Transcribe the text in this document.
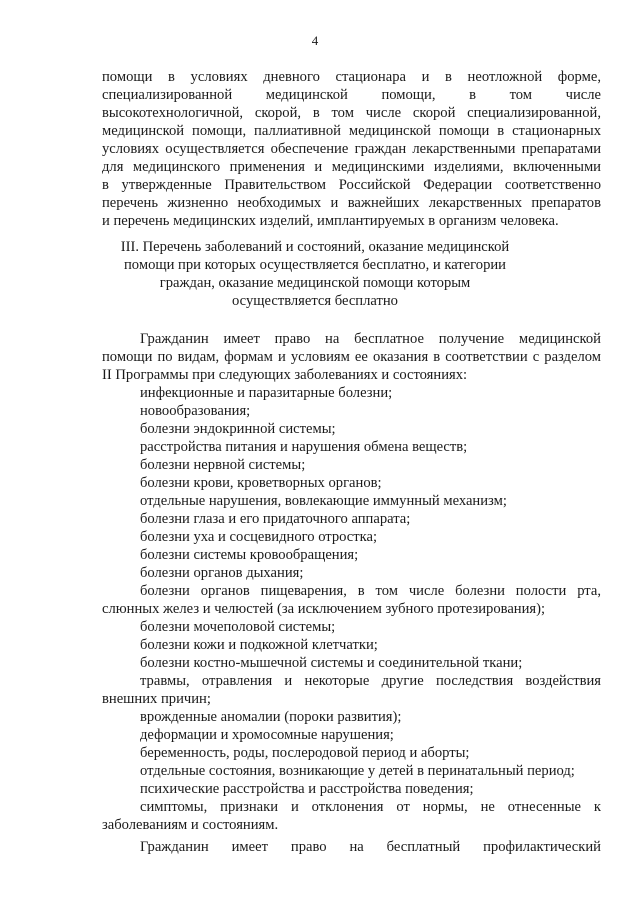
4
помощи в условиях дневного стационара и в неотложной форме,
специализированной медицинской помощи, в том числе
высокотехнологичной, скорой, в том числе скорой специализированной,
медицинской помощи, паллиативной медицинской помощи в стационарных
условиях осуществляется обеспечение граждан лекарственными препаратами
для медицинского применения и медицинскими изделиями, включенными
в утвержденные Правительством Российской Федерации соответственно
перечень жизненно необходимых и важнейших лекарственных препаратов
и перечень медицинских изделий, имплантируемых в организм человека.
III. Перечень заболеваний и состояний, оказание медицинской
помощи при которых осуществляется бесплатно, и категории
граждан, оказание медицинской помощи которым
осуществляется бесплатно
Гражданин имеет право на бесплатное получение медицинской
помощи по видам, формам и условиям ее оказания в соответствии с разделом
II Программы при следующих заболеваниях и состояниях:
инфекционные и паразитарные болезни;
новообразования;
болезни эндокринной системы;
расстройства питания и нарушения обмена веществ;
болезни нервной системы;
болезни крови, кроветворных органов;
отдельные нарушения, вовлекающие иммунный механизм;
болезни глаза и его придаточного аппарата;
болезни уха и сосцевидного отростка;
болезни системы кровообращения;
болезни органов дыхания;
болезни органов пищеварения, в том числе болезни полости рта,
слюнных желез и челюстей (за исключением зубного протезирования);
болезни мочеполовой системы;
болезни кожи и подкожной клетчатки;
болезни костно-мышечной системы и соединительной ткани;
травмы, отравления и некоторые другие последствия воздействия
внешних причин;
врожденные аномалии (пороки развития);
деформации и хромосомные нарушения;
беременность, роды, послеродовой период и аборты;
отдельные состояния, возникающие у детей в перинатальный период;
психические расстройства и расстройства поведения;
симптомы, признаки и отклонения от нормы, не отнесенные к
заболеваниям и состояниям.
Гражданин имеет право на бесплатный профилактический
